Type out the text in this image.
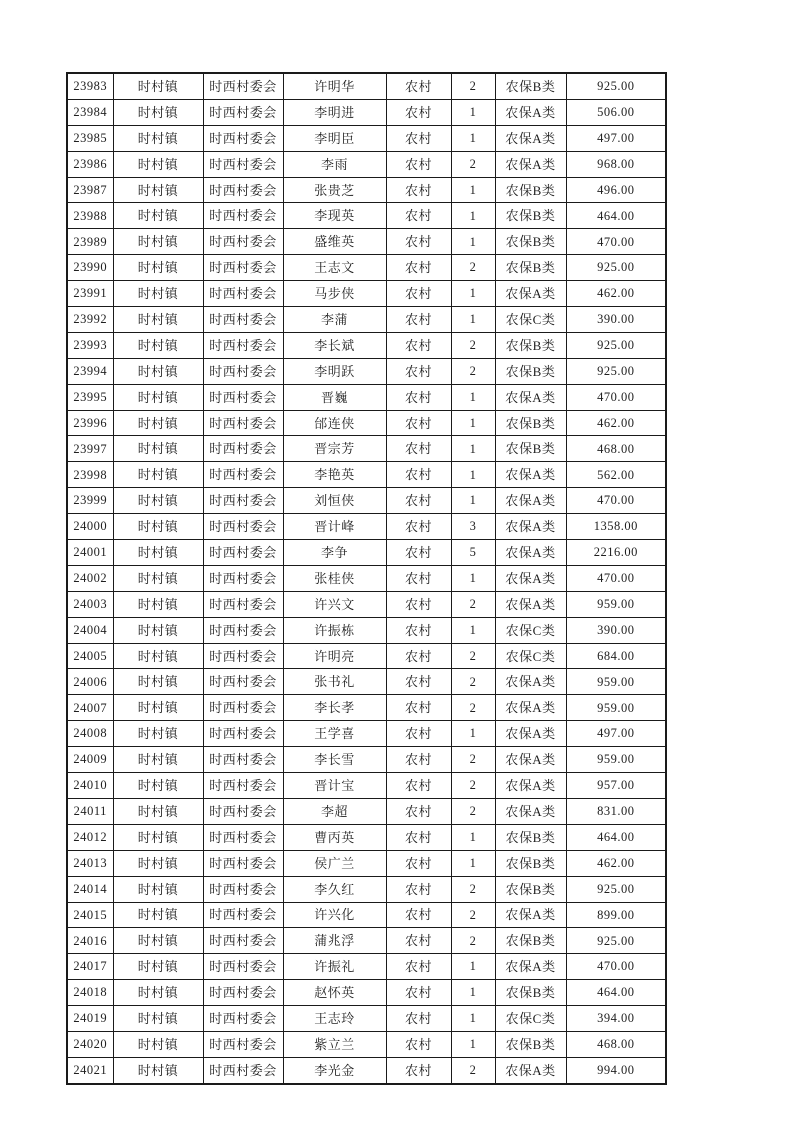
23983	时村镇	时西村委会	许明华	农村	2	农保B类	925.00
23984	时村镇	时西村委会	李明进	农村	1	农保A类	506.00
23985	时村镇	时西村委会	李明臣	农村	1	农保A类	497.00
23986	时村镇	时西村委会	李雨	农村	2	农保A类	968.00
23987	时村镇	时西村委会	张贵芝	农村	1	农保B类	496.00
23988	时村镇	时西村委会	李现英	农村	1	农保B类	464.00
23989	时村镇	时西村委会	盛维英	农村	1	农保B类	470.00
23990	时村镇	时西村委会	王志文	农村	2	农保B类	925.00
23991	时村镇	时西村委会	马步侠	农村	1	农保A类	462.00
23992	时村镇	时西村委会	李蒲	农村	1	农保C类	390.00
23993	时村镇	时西村委会	李长斌	农村	2	农保B类	925.00
23994	时村镇	时西村委会	李明跃	农村	2	农保B类	925.00
23995	时村镇	时西村委会	晋巍	农村	1	农保A类	470.00
23996	时村镇	时西村委会	邰连侠	农村	1	农保B类	462.00
23997	时村镇	时西村委会	晋宗芳	农村	1	农保B类	468.00
23998	时村镇	时西村委会	李艳英	农村	1	农保A类	562.00
23999	时村镇	时西村委会	刘恒侠	农村	1	农保A类	470.00
24000	时村镇	时西村委会	晋计峰	农村	3	农保A类	1358.00
24001	时村镇	时西村委会	李争	农村	5	农保A类	2216.00
24002	时村镇	时西村委会	张桂侠	农村	1	农保A类	470.00
24003	时村镇	时西村委会	许兴文	农村	2	农保A类	959.00
24004	时村镇	时西村委会	许振栋	农村	1	农保C类	390.00
24005	时村镇	时西村委会	许明亮	农村	2	农保C类	684.00
24006	时村镇	时西村委会	张书礼	农村	2	农保A类	959.00
24007	时村镇	时西村委会	李长孝	农村	2	农保A类	959.00
24008	时村镇	时西村委会	王学喜	农村	1	农保A类	497.00
24009	时村镇	时西村委会	李长雪	农村	2	农保A类	959.00
24010	时村镇	时西村委会	晋计宝	农村	2	农保A类	957.00
24011	时村镇	时西村委会	李超	农村	2	农保A类	831.00
24012	时村镇	时西村委会	曹丙英	农村	1	农保B类	464.00
24013	时村镇	时西村委会	侯广兰	农村	1	农保B类	462.00
24014	时村镇	时西村委会	李久红	农村	2	农保B类	925.00
24015	时村镇	时西村委会	许兴化	农村	2	农保A类	899.00
24016	时村镇	时西村委会	蒲兆浮	农村	2	农保B类	925.00
24017	时村镇	时西村委会	许振礼	农村	1	农保A类	470.00
24018	时村镇	时西村委会	赵怀英	农村	1	农保B类	464.00
24019	时村镇	时西村委会	王志玲	农村	1	农保C类	394.00
24020	时村镇	时西村委会	紫立兰	农村	1	农保B类	468.00
24021	时村镇	时西村委会	李光金	农村	2	农保A类	994.00
